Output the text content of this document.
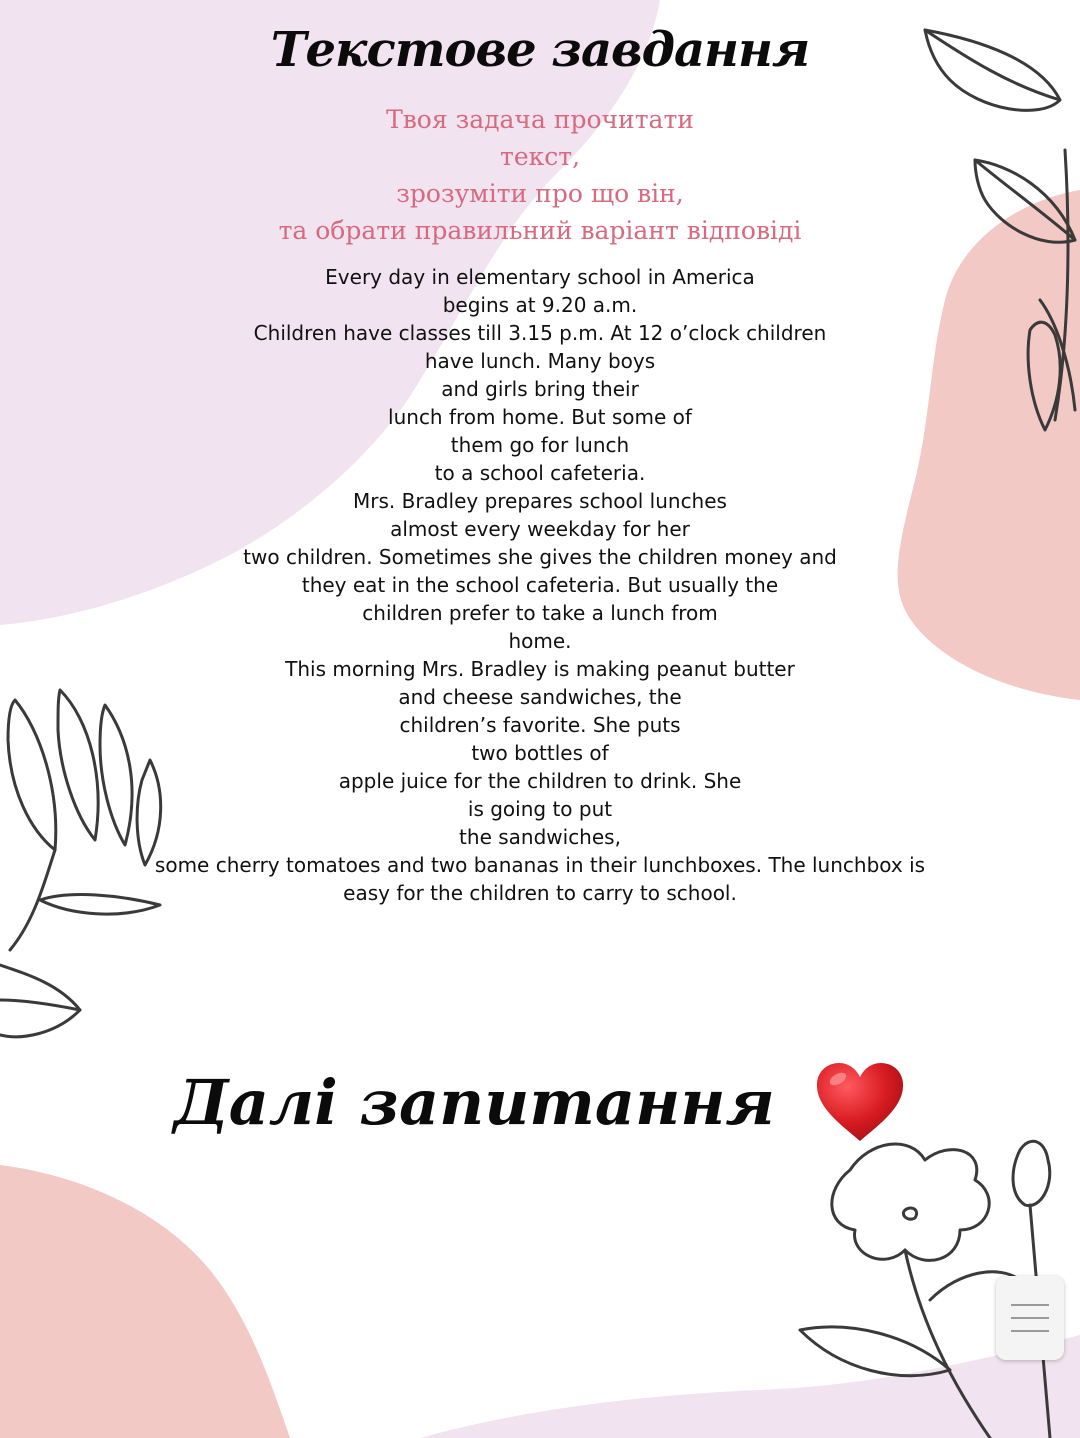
Текстове завдання
Твоя задача прочитати
текст,
зрозуміти про що він,
та обрати правильний варіант відповіді
Every day in elementary school in America
begins at 9.20 a.m.
Children have classes till 3.15 p.m. At 12 o’clock children
have lunch. Many boys
and girls bring their
lunch from home. But some of
them go for lunch
to a school cafeteria.
Mrs. Bradley prepares school lunches
almost every weekday for her
two children. Sometimes she gives the children money and
they eat in the school cafeteria. But usually the
children prefer to take a lunch from
home.
This morning Mrs. Bradley is making peanut butter
and cheese sandwiches, the
children’s favorite. She puts
two bottles of
apple juice for the children to drink. She
is going to put
the sandwiches,
some cherry tomatoes and two bananas in their lunchboxes. The lunchbox is
easy for the children to carry to school.
Далі запитання
